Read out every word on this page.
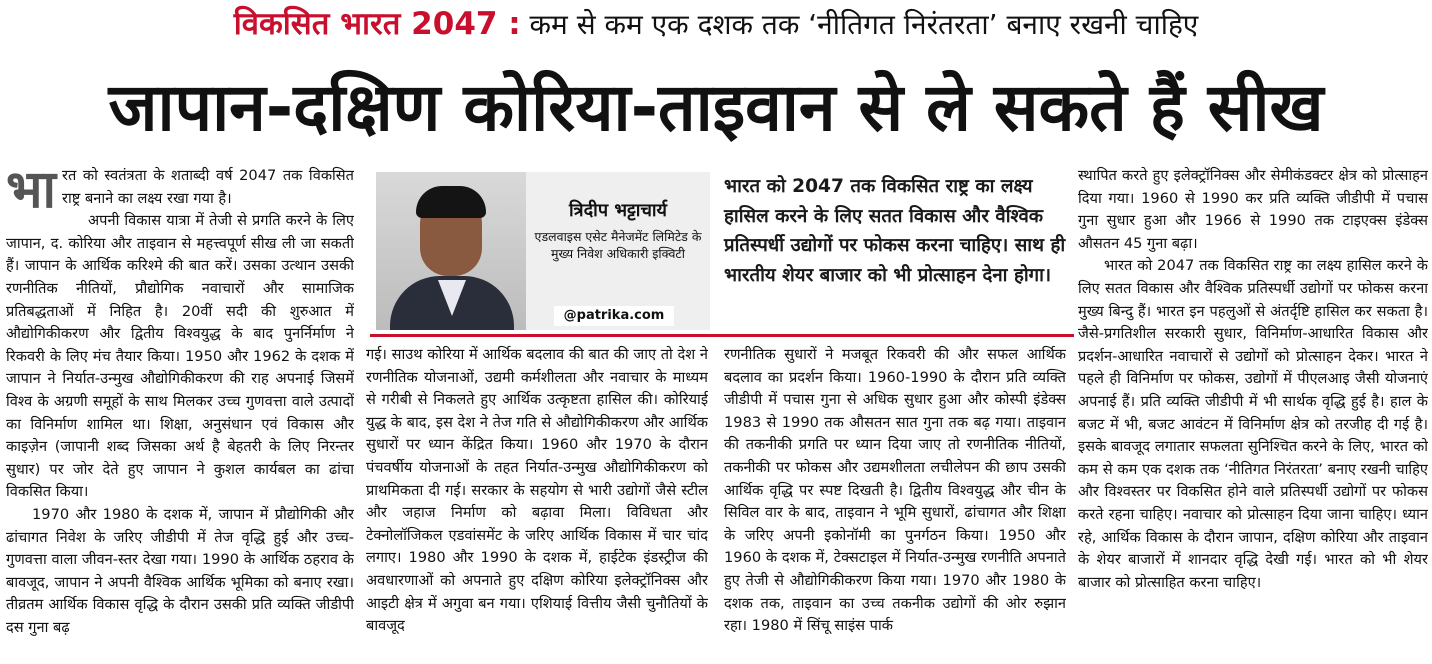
विकसित भारत 2047 : कम से कम एक दशक तक ‘नीतिगत निरंतरता’ बनाए रखनी चाहिए
जापान-दक्षिण कोरिया-ताइवान से ले सकते हैं सीख
भा रत को स्वतंत्रता के शताब्दी वर्ष 2047 तक विकसित राष्ट्र बनाने का लक्ष्य रखा गया है।

अपनी विकास यात्रा में तेजी से प्रगति करने के लिए जापान, द. कोरिया और ताइवान से महत्त्वपूर्ण सीख ली जा सकती हैं। जापान के आर्थिक करिश्मे की बात करें। उसका उत्थान उसकी रणनीतिक नीतियों, प्रौद्योगिक नवाचारों और सामाजिक प्रतिबद्धताओं में निहित है। 20वीं सदी की शुरुआत में औद्योगिकीकरण और द्वितीय विश्वयुद्ध के बाद पुनर्निर्माण ने रिकवरी के लिए मंच तैयार किया। 1950 और 1962 के दशक में जापान ने निर्यात-उन्मुख औद्योगिकीकरण की राह अपनाई जिसमें विश्व के अग्रणी समूहों के साथ मिलकर उच्च गुणवत्ता वाले उत्पादों का विनिर्माण शामिल था। शिक्षा, अनुसंधान एवं विकास और काइज़ेन (जापानी शब्द जिसका अर्थ है बेहतरी के लिए निरन्तर सुधार) पर जोर देते हुए जापान ने कुशल कार्यबल का ढांचा विकसित किया।

1970 और 1980 के दशक में, जापान में प्रौद्योगिकी और ढांचागत निवेश के जरिए जीडीपी में तेज वृद्धि हुई और उच्च-गुणवत्ता वाला जीवन-स्तर देखा गया। 1990 के आर्थिक ठहराव के बावजूद, जापान ने अपनी वैश्विक आर्थिक भूमिका को बनाए रखा। तीव्रतम आर्थिक विकास वृद्धि के दौरान उसकी प्रति व्यक्ति जीडीपी दस गुना बढ़

त्रिदीप भट्टाचार्य
एडलवाइस एसेट मैनेजमेंट लिमिटेड के मुख्य निवेश अधिकारी इक्विटी
@patrika.com
भारत को 2047 तक विकसित राष्ट्र का लक्ष्य हासिल करने के लिए सतत विकास और वैश्विक प्रतिस्पर्धी उद्योगों पर फोकस करना चाहिए। साथ ही भारतीय शेयर बाजार को भी प्रोत्साहन देना होगा।

गई। साउथ कोरिया में आर्थिक बदलाव की बात की जाए तो देश ने रणनीतिक योजनाओं, उद्यमी कर्मशीलता और नवाचार के माध्यम से गरीबी से निकलते हुए आर्थिक उत्कृष्टता हासिल की। कोरियाई युद्ध के बाद, इस देश ने तेज गति से औद्योगिकीकरण और आर्थिक सुधारों पर ध्यान केंद्रित किया। 1960 और 1970 के दौरान पंचवर्षीय योजनाओं के तहत निर्यात-उन्मुख औद्योगिकीकरण को प्राथमिकता दी गई। सरकार के सहयोग से भारी उद्योगों जैसे स्टील और जहाज निर्माण को बढ़ावा मिला। विविधता और टेक्नोलॉजिकल एडवांसमेंट के जरिए आर्थिक विकास में चार चांद लगाए। 1980 और 1990 के दशक में, हाईटेक इंडस्ट्रीज की अवधारणाओं को अपनाते हुए दक्षिण कोरिया इलेक्ट्रॉनिक्स और आइटी क्षेत्र में अगुवा बन गया। एशियाई वित्तीय जैसी चुनौतियों के बावजूद

रणनीतिक सुधारों ने मजबूत रिकवरी की और सफल आर्थिक बदलाव का प्रदर्शन किया। 1960-1990 के दौरान प्रति व्यक्ति जीडीपी में पचास गुना से अधिक सुधार हुआ और कोस्पी इंडेक्स 1983 से 1990 तक औसतन सात गुना तक बढ़ गया। ताइवान की तकनीकी प्रगति पर ध्यान दिया जाए तो रणनीतिक नीतियों, तकनीकी पर फोकस और उद्यमशीलता लचीलेपन की छाप उसकी आर्थिक वृद्धि पर स्पष्ट दिखती है। द्वितीय विश्वयुद्ध और चीन के सिविल वार के बाद, ताइवान ने भूमि सुधारों, ढांचागत और शिक्षा के जरिए अपनी इकोनॉमी का पुनर्गठन किया। 1950 और 1960 के दशक में, टेक्सटाइल में निर्यात-उन्मुख रणनीति अपनाते हुए तेजी से औद्योगिकीकरण किया गया। 1970 और 1980 के दशक तक, ताइवान का उच्च तकनीक उद्योगों की ओर रुझान रहा। 1980 में सिंचू साइंस पार्क

स्थापित करते हुए इलेक्ट्रॉनिक्स और सेमीकंडक्टर क्षेत्र को प्रोत्साहन दिया गया। 1960 से 1990 कर प्रति व्यक्ति जीडीपी में पचास गुना सुधार हुआ और 1966 से 1990 तक टाइएक्स इंडेक्स औसतन 45 गुना बढ़ा।

भारत को 2047 तक विकसित राष्ट्र का लक्ष्य हासिल करने के लिए सतत विकास और वैश्विक प्रतिस्पर्धी उद्योगों पर फोकस करना मुख्य बिन्दु हैं। भारत इन पहलुओं से अंतर्दृष्टि हासिल कर सकता है। जैसे-प्रगतिशील सरकारी सुधार, विनिर्माण-आधारित विकास और प्रदर्शन-आधारित नवाचारों से उद्योगों को प्रोत्साहन देकर। भारत ने पहले ही विनिर्माण पर फोकस, उद्योगों में पीएलआइ जैसी योजनाएं अपनाई हैं। प्रति व्यक्ति जीडीपी में भी सार्थक वृद्धि हुई है। हाल के बजट में भी, बजट आवंटन में विनिर्माण क्षेत्र को तरजीह दी गई है। इसके बावजूद लगातार सफलता सुनिश्चित करने के लिए, भारत को कम से कम एक दशक तक ‘नीतिगत निरंतरता’ बनाए रखनी चाहिए और विश्वस्तर पर विकसित होने वाले प्रतिस्पर्धी उद्योगों पर फोकस करते रहना चाहिए। नवाचार को प्रोत्साहन दिया जाना चाहिए। ध्यान रहे, आर्थिक विकास के दौरान जापान, दक्षिण कोरिया और ताइवान के शेयर बाजारों में शानदार वृद्धि देखी गई। भारत को भी शेयर बाजार को प्रोत्साहित करना चाहिए।
